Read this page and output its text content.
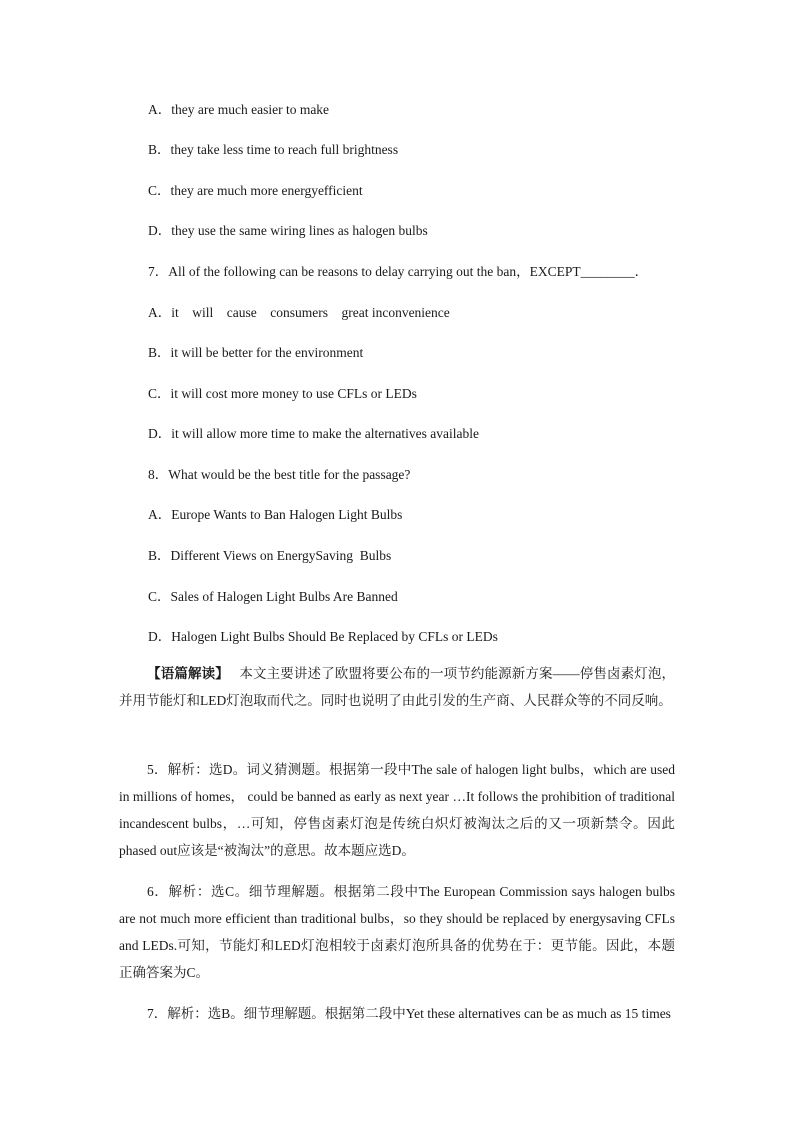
A．they are much easier to make
B．they take less time to reach full brightness
C．they are much more energyefficient
D．they use the same wiring lines as halogen bulbs
7．All of the following can be reasons to delay carrying out the ban，EXCEPT________．
A．it    will    cause    consumers    great inconvenience
B．it will be better for the environment
C．it will cost more money to use CFLs or LEDs
D．it will allow more time to make the alternatives available
8．What would be the best title for the passage?
A．Europe Wants to Ban Halogen Light Bulbs
B．Different Views on EnergySaving  Bulbs
C．Sales of Halogen Light Bulbs Are Banned
D．Halogen Light Bulbs Should Be Replaced by CFLs or LEDs
【语篇解读】 本文主要讲述了欧盟将要公布的一项节约能源新方案——停售卤素灯泡，并用节能灯和LED灯泡取而代之。同时也说明了由此引发的生产商、人民群众等的不同反响。
5．解析：选D。词义猜测题。根据第一段中The sale of halogen light bulbs，which are used in millions of homes， could be banned as early as next year …It follows the prohibition of traditional incandescent bulbs，…可知，停售卤素灯泡是传统白炽灯被淘汰之后的又一项新禁令。因此phased out应该是“被淘汰”的意思。故本题应选D。
6．解析：选C。细节理解题。根据第二段中The European Commission says halogen bulbs are not much more efficient than traditional bulbs，so they should be replaced by energysaving CFLs and LEDs.可知，节能灯和LED灯泡相较于卤素灯泡所具备的优势在于：更节能。因此，本题正确答案为C。
7．解析：选B。细节理解题。根据第二段中Yet these alternatives can be as much as 15 times
